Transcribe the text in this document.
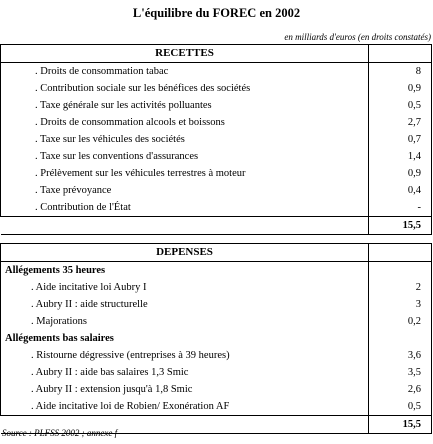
L'équilibre du FOREC en 2002
en milliards d'euros (en droits constatés)
RECETTES	
. Droits de consommation tabac	8
. Contribution sociale sur les bénéfices des sociétés	0,9
. Taxe générale sur les activités polluantes	0,5
. Droits de consommation alcools et boissons	2,7
. Taxe sur les véhicules des sociétés	0,7
. Taxe sur les conventions d'assurances	1,4
. Prélèvement sur les véhicules terrestres à moteur	0,9
. Taxe prévoyance	0,4
. Contribution de l'État	-
	15,5

DEPENSES	
Allégements 35 heures	
. Aide incitative loi Aubry I	2
. Aubry II : aide structurelle	3
. Majorations	0,2
Allégements bas salaires	
. Ristourne dégressive (entreprises à 39 heures)	3,6
. Aubry II : aide bas salaires 1,3 Smic	3,5
. Aubry II : extension jusqu'à 1,8 Smic	2,6
. Aide incitative loi de Robien/ Exonération AF	0,5
	15,5
Source : PLFSS 2002 ; annexe f
